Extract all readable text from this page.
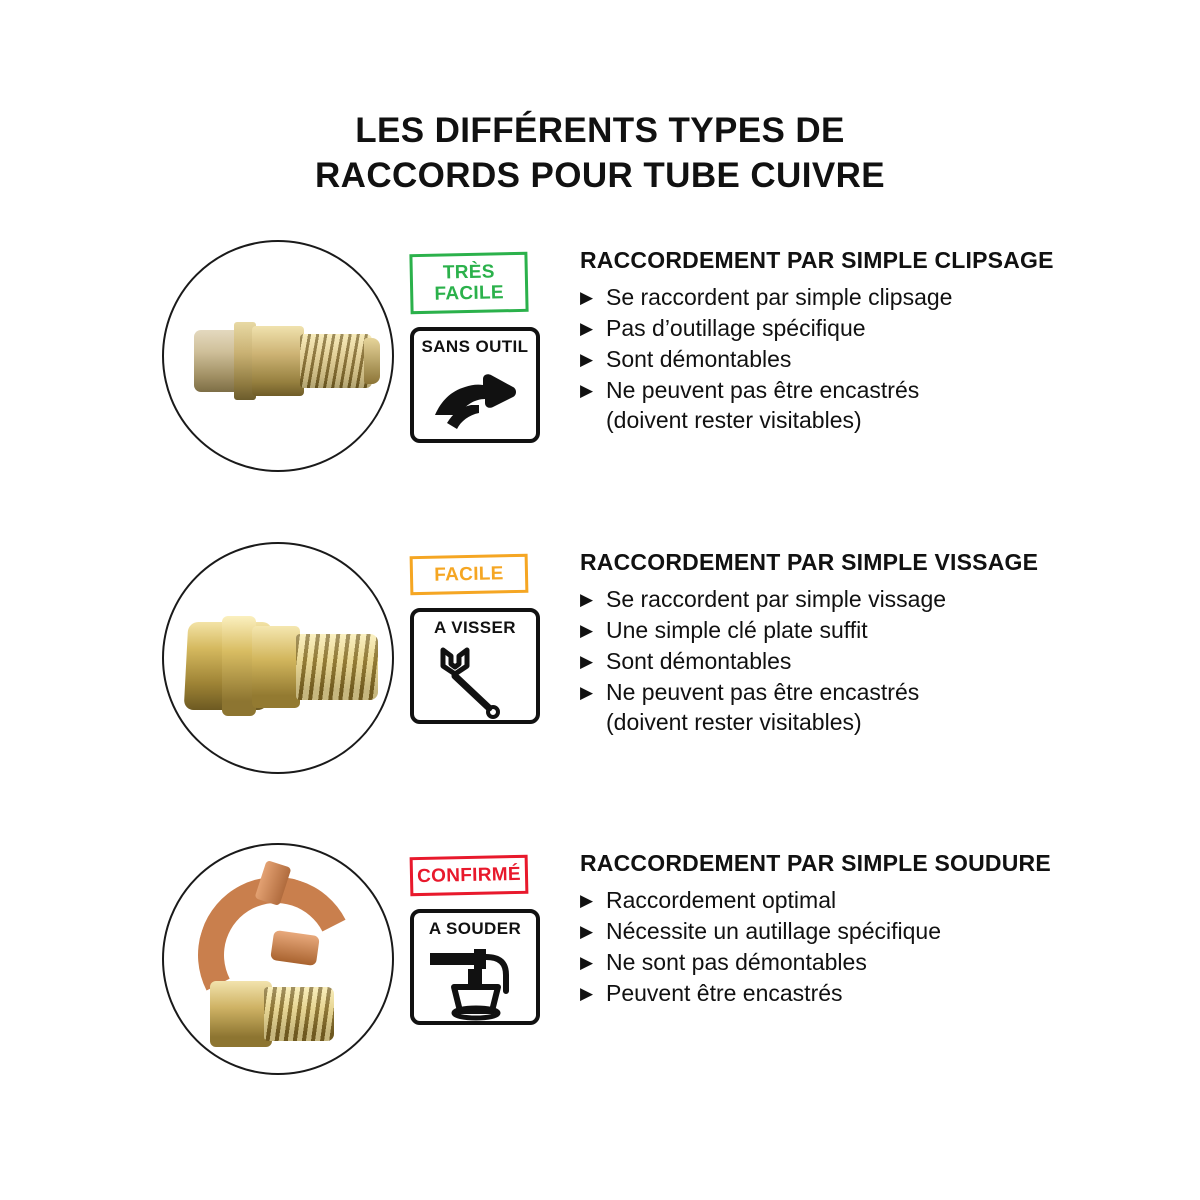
LES DIFFÉRENTS TYPES DE
RACCORDS POUR TUBE CUIVRE
TRÈS
FACILE
SANS OUTIL
RACCORDEMENT PAR SIMPLE CLIPSAGE
▶ Se raccordent par simple clipsage
▶ Pas d’outillage spécifique
▶ Sont démontables
▶ Ne peuvent pas être encastrés
(doivent rester visitables)
FACILE
A VISSER
RACCORDEMENT PAR SIMPLE VISSAGE
▶ Se raccordent par simple vissage
▶ Une simple clé plate suffit
▶ Sont démontables
▶ Ne peuvent pas être encastrés
(doivent rester visitables)
CONFIRMÉ
A SOUDER
RACCORDEMENT PAR SIMPLE SOUDURE
▶ Raccordement optimal
▶ Nécessite un autillage spécifique
▶ Ne sont pas démontables
▶ Peuvent être encastrés
